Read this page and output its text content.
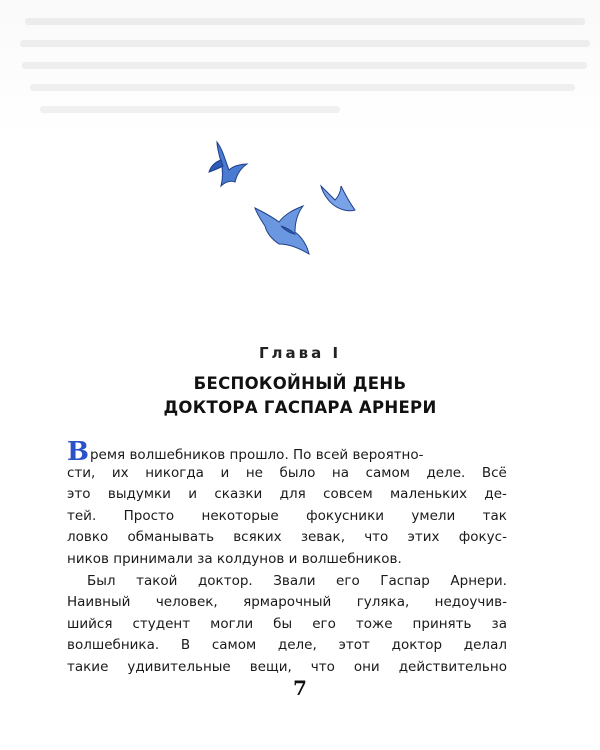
Глава I
БЕСПОКОЙНЫЙ ДЕНЬ
ДОКТОРА ГАСПАРА АРНЕРИ
Время волшебников прошло. По всей вероятно-
сти, их никогда и не было на самом деле. Всё
это выдумки и сказки для совсем маленьких де-
тей. Просто некоторые фокусники умели так
ловко обманывать всяких зевак, что этих фокус-
ников принимали за колдунов и волшебников.
Был такой доктор. Звали его Гаспар Арнери.
Наивный человек, ярмарочный гуляка, недоучив-
шийся студент могли бы его тоже принять за
волшебника. В самом деле, этот доктор делал
такие удивительные вещи, что они действительно
7
